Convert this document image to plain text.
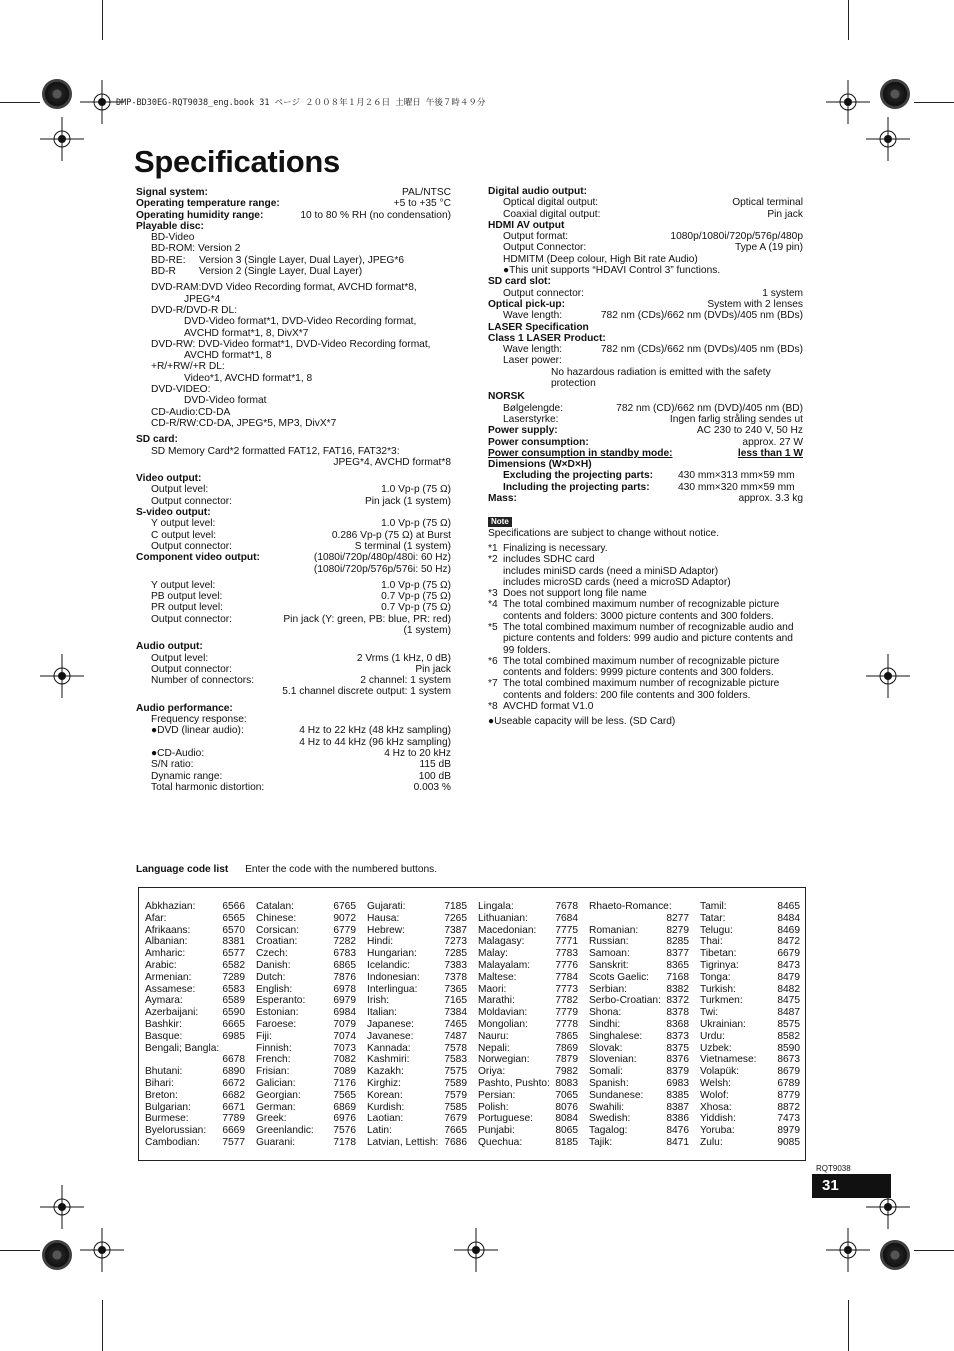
DMP-BD30EG-RQT9038_eng.book 31 ページ ２００８年１月２６日 土曜日 午後７時４９分
Specifications
Signal system:	PAL/NTSC
Operating temperature range:	+5 to +35 °C
Operating humidity range:	10 to 80 % RH (no condensation)
Playable disc:
BD-Video
BD-ROM: Version 2
BD-RE:	Version 3 (Single Layer, Dual Layer), JPEG*6
BD-R	Version 2 (Single Layer, Dual Layer)
DVD-RAM:DVD Video Recording format, AVCHD format*8,
JPEG*4
DVD-R/DVD-R DL:
DVD-Video format*1, DVD-Video Recording format,
AVCHD format*1, 8, DivX*7
DVD-RW: DVD-Video format*1, DVD-Video Recording format,
AVCHD format*1, 8
+R/+RW/+R DL:
Video*1, AVCHD format*1, 8
DVD-VIDEO:
DVD-Video format
CD-Audio:CD-DA
CD-R/RW:CD-DA, JPEG*5, MP3, DivX*7
SD card:
SD Memory Card*2 formatted FAT12, FAT16, FAT32*3:
JPEG*4, AVCHD format*8
Video output:
Output level:	1.0 Vp-p (75 Ω)
Output connector:	Pin jack (1 system)
S-video output:
Y output level:	1.0 Vp-p (75 Ω)
C output level:	0.286 Vp-p (75 Ω) at Burst
Output connector:	S terminal (1 system)
Component video output:	(1080i/720p/480p/480i: 60 Hz)
(1080i/720p/576p/576i: 50 Hz)
Y output level:	1.0 Vp-p (75 Ω)
PB output level:	0.7 Vp-p (75 Ω)
PR output level:	0.7 Vp-p (75 Ω)
Output connector:	Pin jack (Y: green, PB: blue, PR: red)
(1 system)
Audio output:
Output level:	2 Vrms (1 kHz, 0 dB)
Output connector:	Pin jack
Number of connectors:	2 channel: 1 system
5.1 channel discrete output: 1 system
Audio performance:
Frequency response:
●DVD (linear audio):	4 Hz to 22 kHz (48 kHz sampling)
4 Hz to 44 kHz (96 kHz sampling)
●CD-Audio:	4 Hz to 20 kHz
S/N ratio:	115 dB
Dynamic range:	100 dB
Total harmonic distortion:	0.003 %
Digital audio output:
Optical digital output:	Optical terminal
Coaxial digital output:	Pin jack
HDMI AV output
Output format:	1080p/1080i/720p/576p/480p
Output Connector:	Type A (19 pin)
HDMITM (Deep colour, High Bit rate Audio)
●This unit supports “HDAVI Control 3” functions.
SD card slot:
Output connector:	1 system
Optical pick-up:	System with 2 lenses
Wave length:	782 nm (CDs)/662 nm (DVDs)/405 nm (BDs)
LASER Specification
Class 1 LASER Product:
Wave length:	782 nm (CDs)/662 nm (DVDs)/405 nm (BDs)
Laser power:
No hazardous radiation is emitted with the safety
protection
NORSK
Bølgelengde:	782 nm (CD)/662 nm (DVD)/405 nm (BD)
Laserstyrke:	Ingen farlig stråling sendes ut
Power supply:	AC 230 to 240 V, 50 Hz
Power consumption:	approx. 27 W
Power consumption in standby mode:	less than 1 W
Dimensions (W×D×H)
Excluding the projecting parts:	430 mm×313 mm×59 mm
Including the projecting parts:	430 mm×320 mm×59 mm
Mass:	approx. 3.3 kg
Note
Specifications are subject to change without notice.
*1 Finalizing is necessary.
*2 includes SDHC card
includes miniSD cards (need a miniSD Adaptor)
includes microSD cards (need a microSD Adaptor)
*3 Does not support long file name
*4 The total combined maximum number of recognizable picture
contents and folders: 3000 picture contents and 300 folders.
*5 The total combined maximum number of recognizable audio and
picture contents and folders: 999 audio and picture contents and
99 folders.
*6 The total combined maximum number of recognizable picture
contents and folders: 9999 picture contents and 300 folders.
*7 The total combined maximum number of recognizable picture
contents and folders: 200 file contents and 300 folders.
*8 AVCHD format V1.0
●Useable capacity will be less. (SD Card)
Language code list Enter the code with the numbered buttons.
Abkhazian:	6566
Afar:	6565
Afrikaans:	6570
Albanian:	8381
Amharic:	6577
Arabic:	6582
Armenian:	7289
Assamese:	6583
Aymara:	6589
Azerbaijani: 6590
Bashkir:	6665
Basque:	6985
Bengali; Bangla:
6678
Bhutani:	6890
Bihari:	6672
Breton:	6682
Bulgarian:	6671
Burmese:	7789
Byelorussian: 6669
Cambodian: 7577
Catalan:	6765
Chinese:	9072
Corsican:	6779
Croatian:	7282
Czech:	6783
Danish:	6865
Dutch:	7876
English:	6978
Esperanto:	6979
Estonian:	6984
Faroese:	7079
Fiji:	7074
Finnish:	7073
French:	7082
Frisian:	7089
Galician:	7176
Georgian:	7565
German:	6869
Greek:	6976
Greenlandic: 7576
Guarani:	7178
Gujarati:	7185
Hausa:	7265
Hebrew:	7387
Hindi:	7273
Hungarian:	7285
Icelandic:	7383
Indonesian: 7378
Interlingua:	7365
Irish:	7165
Italian:	7384
Japanese:	7465
Javanese:	7487
Kannada:	7578
Kashmiri:	7583
Kazakh:	7575
Kirghiz:	7589
Korean:	7579
Kurdish:	7585
Laotian:	7679
Latin:	7665
Latvian, Lettish: 7686
Lingala:	7678
Lithuanian:	7684
Macedonian: 7775
Malagasy:	7771
Malay:	7783
Malayalam: 7776
Maltese:	7784
Maori:	7773
Marathi:	7782
Moldavian:	7779
Mongolian:	7778
Nauru:	7865
Nepali:	7869
Norwegian:	7879
Oriya:	7982
Pashto, Pushto: 8083
Persian:	7065
Polish:	8076
Portuguese: 8084
Punjabi:	8065
Quechua:	8185
Rhaeto-Romance:
8277
Romanian:	8279
Russian:	8285
Samoan:	8377
Sanskrit:	8365
Scots Gaelic: 7168
Serbian:	8382
Serbo-Croatian: 8372
Shona:	8378
Sindhi:	8368
Singhalese: 8373
Slovak:	8375
Slovenian:	8376
Somali:	8379
Spanish:	6983
Sundanese: 8385
Swahili:	8387
Swedish:	8386
Tagalog:	8476
Tajik:	8471
Tamil:	8465
Tatar:	8484
Telugu:	8469
Thai:	8472
Tibetan:	6679
Tigrinya:	8473
Tonga:	8479
Turkish:	8482
Turkmen:	8475
Twi:	8487
Ukrainian:	8575
Urdu:	8582
Uzbek:	8590
Vietnamese: 8673
Volapük:	8679
Welsh:	6789
Wolof:	8779
Xhosa:	8872
Yiddish:	7473
Yoruba:	8979
Zulu:	9085
RQT9038
31
